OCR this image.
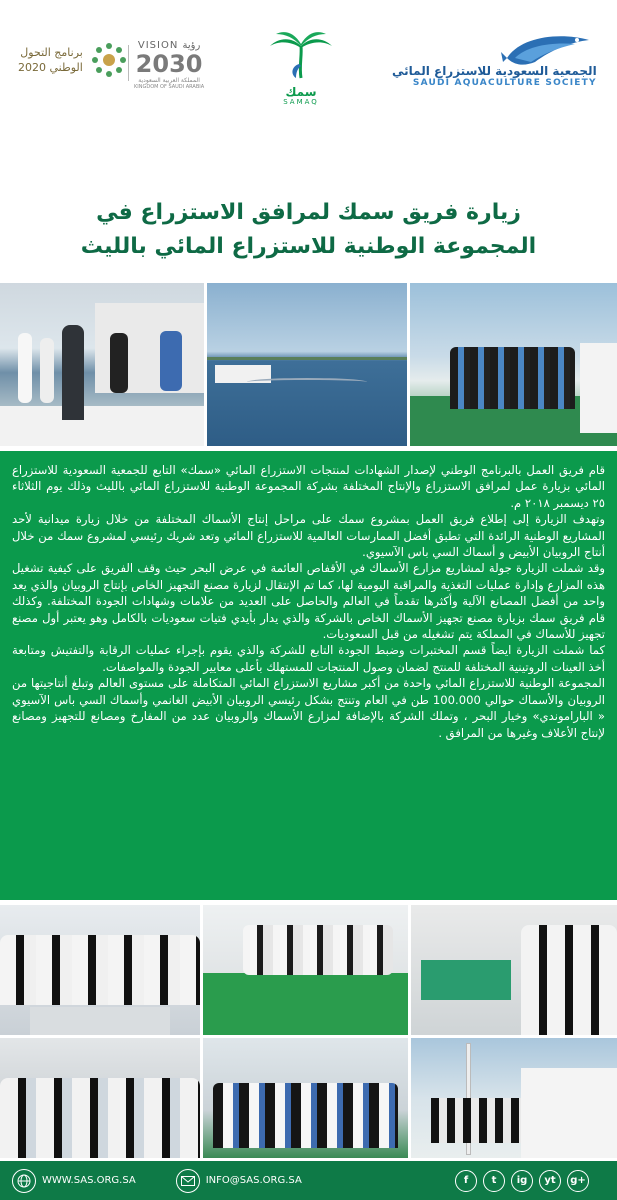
برنامج التحول
الوطني 2020
VISION رؤية
2030
المملكة العربية السعودية
KINGDOM OF SAUDI ARABIA	سمك
SAMAQ
الجمعية السعودية للاستزراع المائي
SAUDI AQUACULTURE SOCIETY
زيارة فريق سمك لمرافق الاستزراع في
المجموعة الوطنية للاستزراع المائي بالليث

قام فريق العمل بالبرنامج الوطني لإصدار الشهادات لمنتجات الاستزراع المائي «سمك» التابع للجمعية السعودية للاستزراع المائي بزيارة عمل لمرافق الاستزراع والإنتاج المختلفة بشركة المجموعة الوطنية للاستزراع المائي بالليث وذلك يوم الثلاثاء ٢٥ ديسمبر ٢٠١٨ م.

وتهدف الزيارة إلى إطلاع فريق العمل بمشروع سمك على مراحل إنتاج الأسماك المختلفة من خلال زيارة ميدانية لأحد المشاريع الوطنية الرائدة التي تطبق أفضل الممارسات العالمية للاستزراع المائي وتعد شريك رئيسي لمشروع سمك من خلال أنتاج الروبيان الأبيض و أسماك السي باس الآسيوي.

وقد شملت الزيارة جولة لمشاريع مزارع الأسماك في الأقفاص العائمة في عرض البحر حيث وقف الفريق على كيفية تشغيل هذه المزارع وإدارة عمليات التغذية والمراقبة اليومية لها، كما تم الإنتقال لزيارة مصنع التجهيز الخاص بإنتاج الروبيان والذي يعد واحد من أفضل المصانع الآلية وأكثرها تقدماً في العالم والحاصل على العديد من علامات وشهادات الجودة المختلفة. وكذلك قام فريق سمك بزيارة مصنع تجهيز الأسماك الخاص بالشركة والذي يدار بأيدي فتيات سعوديات بالكامل وهو يعتبر أول مصنع تجهيز للأسماك في المملكة يتم تشغيله من قبل السعوديات.

كما شملت الزيارة ايضاً قسم المختبرات وضبط الجودة التابع للشركة والذي يقوم بإجراء عمليات الرقابة والتفتيش ومتابعة أخذ العينات الروتينية المختلفة للمنتج لضمان وصول المنتجات للمستهلك بأعلى معايير الجودة والمواصفات.

المجموعة الوطنية للاستزراع المائي واحدة من أكبر مشاريع الاستزراع المائي المتكاملة على مستوى العالم وتبلغ أنتاجيتها من الروبيان والأسماك حوالي 100.000 طن في العام وتنتج بشكل رئيسي الروبيان الأبيض الغانمي وأسماك السي باس الآسيوي « الباراموندي» وخيار البحر ، وتملك الشركة بالإضافة لمزارع الأسماك والروبيان عدد من المفارخ ومصانع للتجهيز ومصانع لإنتاج الأعلاف وغيرها من المرافق .

WWW.SAS.ORG.SA	INFO@SAS.ORG.SA	f	t	ig	yt	g+
